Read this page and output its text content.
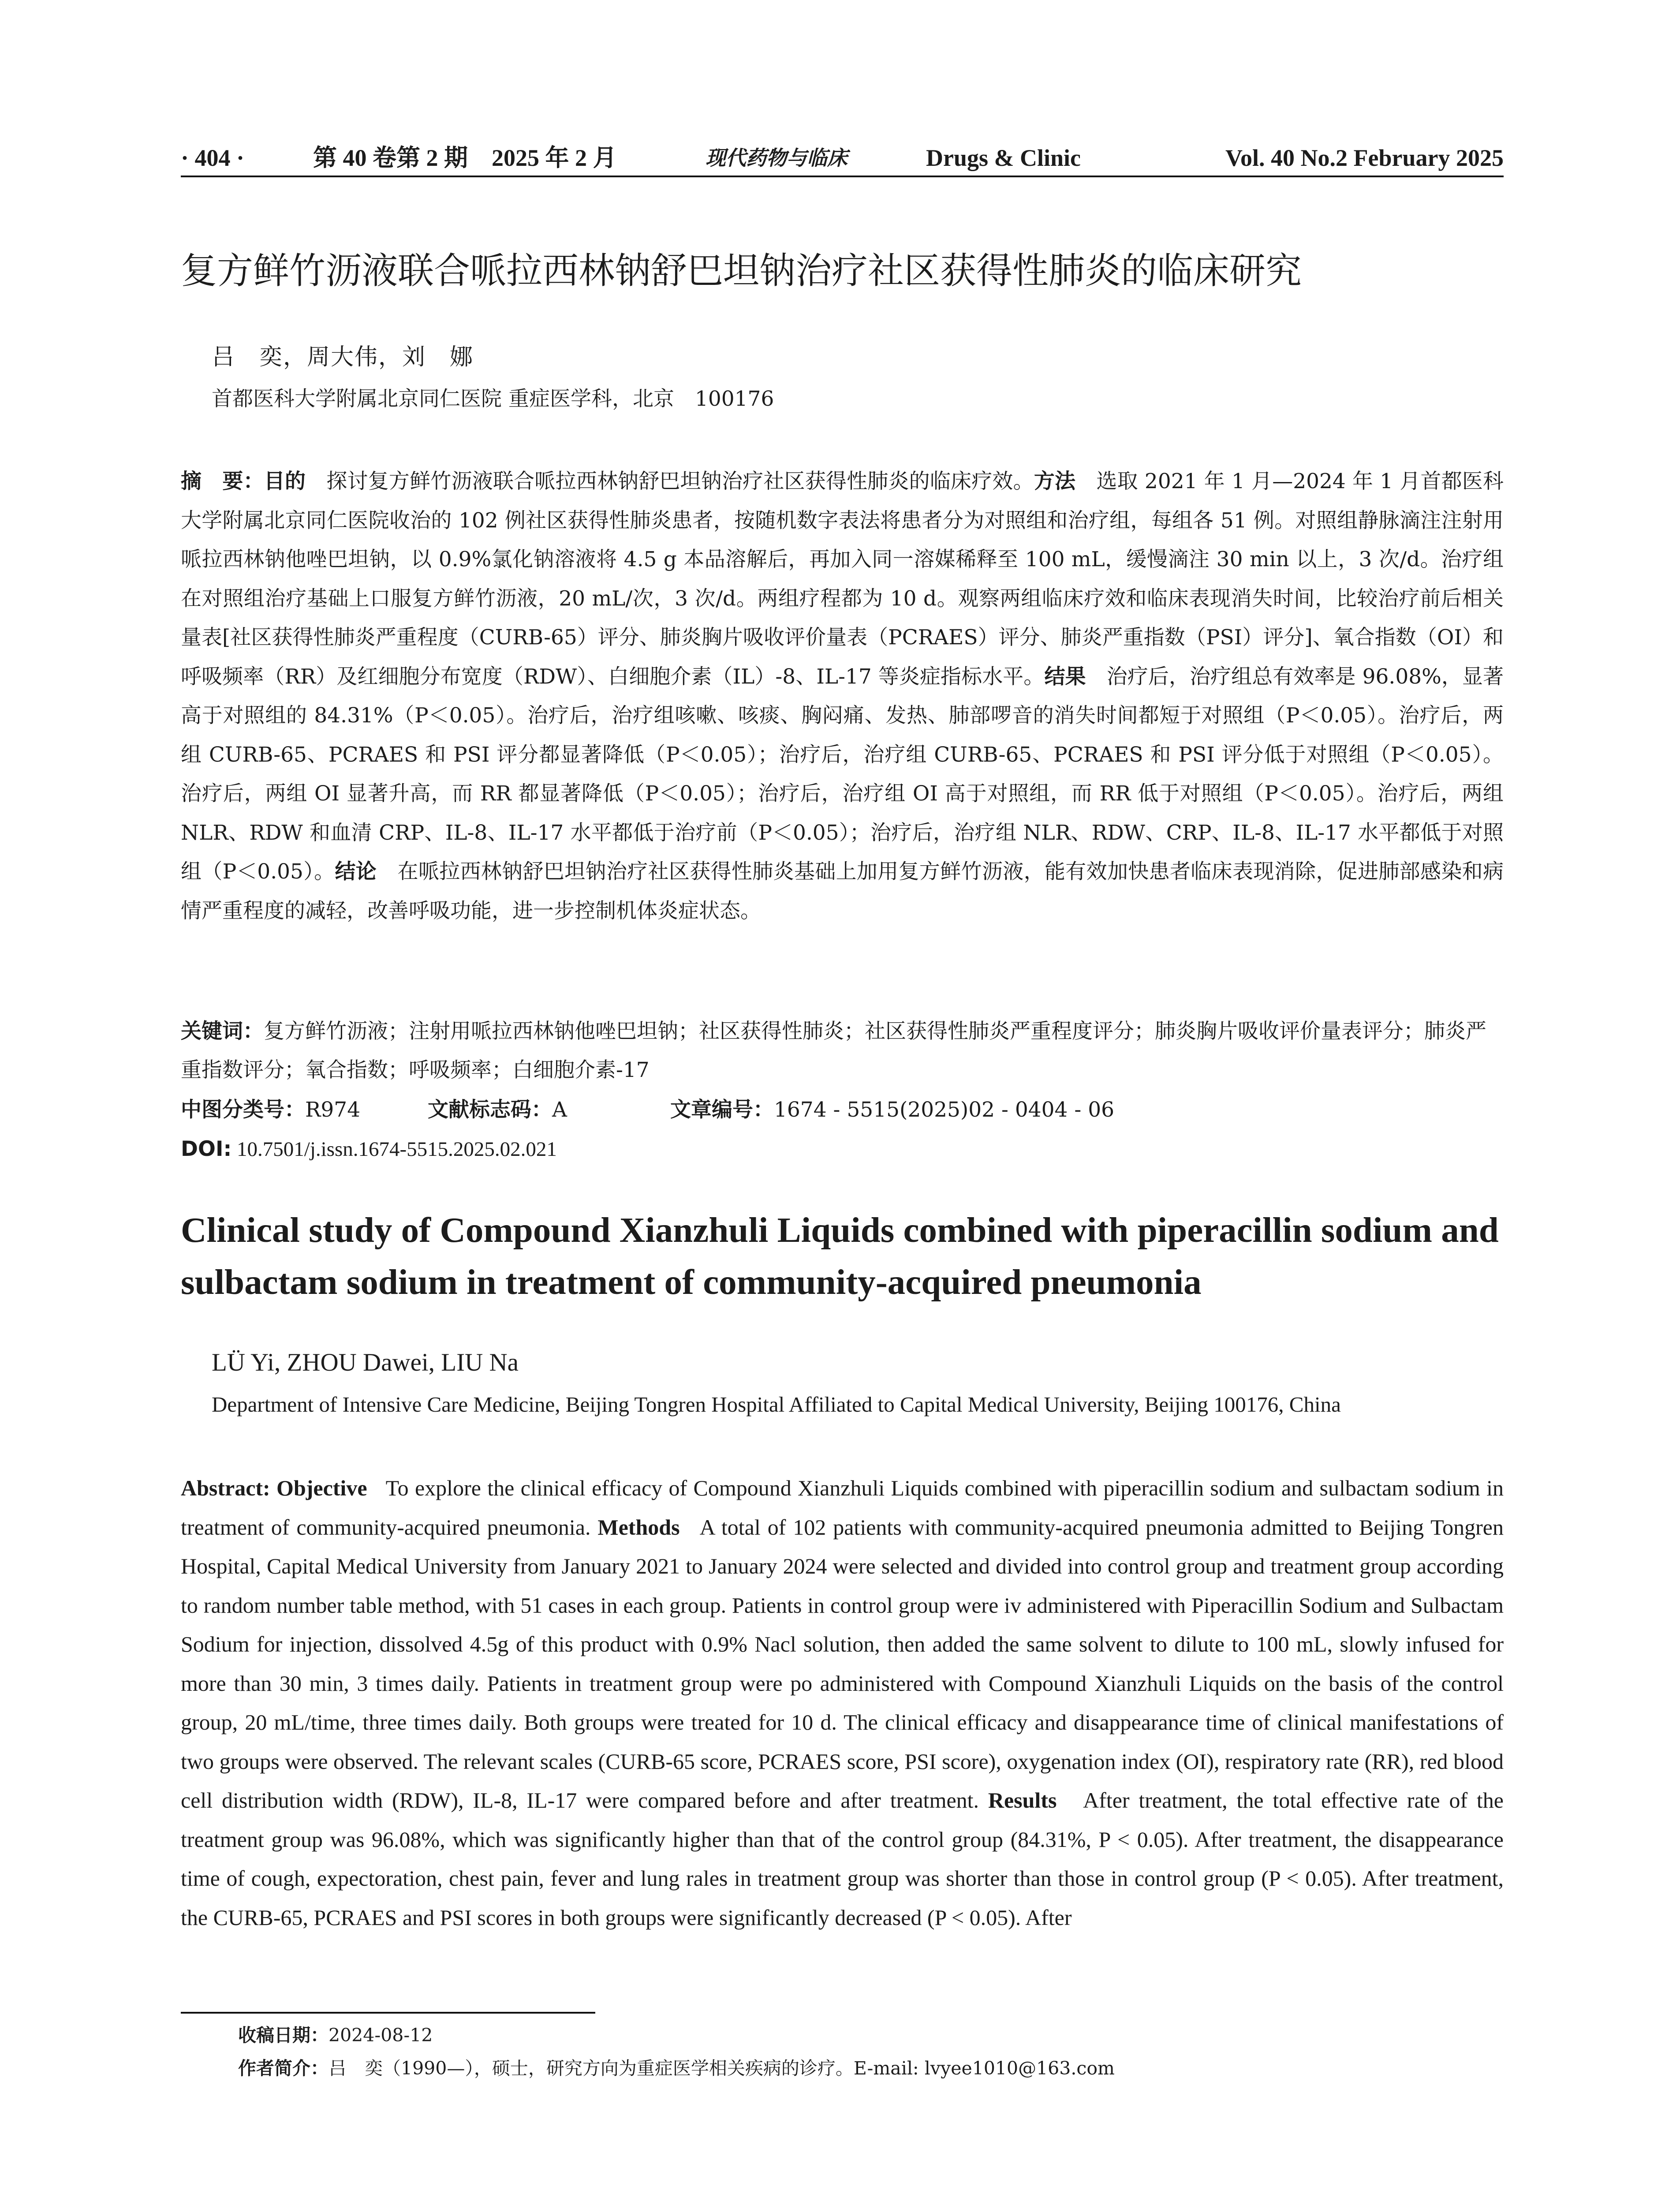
· 404 ·	第 40 卷第 2 期　2025 年 2 月	现代药物与临床	Drugs & Clinic	Vol. 40 No.2 February 2025
复方鲜竹沥液联合哌拉西林钠舒巴坦钠治疗社区获得性肺炎的临床研究
吕　奕，周大伟，刘　娜
首都医科大学附属北京同仁医院 重症医学科，北京　100176
摘　要：目的　 探讨复方鲜竹沥液联合哌拉西林钠舒巴坦钠治疗社区获得性肺炎的临床疗效。方法　 选取 2021 年 1 月—2024 年 1 月首都医科大学附属北京同仁医院收治的 102 例社区获得性肺炎患者，按随机数字表法将患者分为对照组和治疗组，每组各 51 例。对照组静脉滴注注射用哌拉西林钠他唑巴坦钠，以 0.9%氯化钠溶液将 4.5 g 本品溶解后，再加入同一溶媒稀释至 100 mL，缓慢滴注 30 min 以上，3 次/d。治疗组在对照组治疗基础上口服复方鲜竹沥液，20 mL/次，3 次/d。两组疗程都为 10 d。观察两组临床疗效和临床表现消失时间，比较治疗前后相关量表[社区获得性肺炎严重程度（CURB-65）评分、肺炎胸片吸收评价量表（PCRAES）评分、肺炎严重指数（PSI）评分]、氧合指数（OI）和呼吸频率（RR）及红细胞分布宽度（RDW）、白细胞介素（IL）-8、IL-17 等炎症指标水平。结果　 治疗后，治疗组总有效率是 96.08%，显著高于对照组的 84.31%（P＜0.05）。治疗后，治疗组咳嗽、咳痰、胸闷痛、发热、肺部啰音的消失时间都短于对照组（P＜0.05）。治疗后，两组 CURB-65、PCRAES 和 PSI 评分都显著降低（P＜0.05）；治疗后，治疗组 CURB-65、PCRAES 和 PSI 评分低于对照组（P＜0.05）。治疗后，两组 OI 显著升高，而 RR 都显著降低（P＜0.05）；治疗后，治疗组 OI 高于对照组，而 RR 低于对照组（P＜0.05）。治疗后，两组 NLR、RDW 和血清 CRP、IL-8、IL-17 水平都低于治疗前（P＜0.05）；治疗后，治疗组 NLR、RDW、CRP、IL-8、IL-17 水平都低于对照组（P＜0.05）。结论　 在哌拉西林钠舒巴坦钠治疗社区获得性肺炎基础上加用复方鲜竹沥液，能有效加快患者临床表现消除，促进肺部感染和病情严重程度的减轻，改善呼吸功能，进一步控制机体炎症状态。
关键词：复方鲜竹沥液；注射用哌拉西林钠他唑巴坦钠；社区获得性肺炎；社区获得性肺炎严重程度评分；肺炎胸片吸收评价量表评分；肺炎严重指数评分；氧合指数；呼吸频率；白细胞介素-17
中图分类号：R974	文献标志码：A	文章编号：1674 - 5515(2025)02 - 0404 - 06
DOI: 10.7501/j.issn.1674-5515.2025.02.021
Clinical study of Compound Xianzhuli Liquids combined with piperacillin sodium and sulbactam sodium in treatment of community-acquired pneumonia
LÜ Yi, ZHOU Dawei, LIU Na
Department of Intensive Care Medicine, Beijing Tongren Hospital Affiliated to Capital Medical University, Beijing 100176, China
Abstract: Objective To explore the clinical efficacy of Compound Xianzhuli Liquids combined with piperacillin sodium and sulbactam sodium in treatment of community-acquired pneumonia. Methods A total of 102 patients with community-acquired pneumonia admitted to Beijing Tongren Hospital, Capital Medical University from January 2021 to January 2024 were selected and divided into control group and treatment group according to random number table method, with 51 cases in each group. Patients in control group were iv administered with Piperacillin Sodium and Sulbactam Sodium for injection, dissolved 4.5g of this product with 0.9% Nacl solution, then added the same solvent to dilute to 100 mL, slowly infused for more than 30 min, 3 times daily. Patients in treatment group were po administered with Compound Xianzhuli Liquids on the basis of the control group, 20 mL/time, three times daily. Both groups were treated for 10 d. The clinical efficacy and disappearance time of clinical manifestations of two groups were observed. The relevant scales (CURB-65 score, PCRAES score, PSI score), oxygenation index (OI), respiratory rate (RR), red blood cell distribution width (RDW), IL-8, IL-17 were compared before and after treatment. Results After treatment, the total effective rate of the treatment group was 96.08%, which was significantly higher than that of the control group (84.31%, P < 0.05). After treatment, the disappearance time of cough, expectoration, chest pain, fever and lung rales in treatment group was shorter than those in control group (P < 0.05). After treatment, the CURB-65, PCRAES and PSI scores in both groups were significantly decreased (P < 0.05). After
收稿日期：2024-08-12
作者简介：吕　奕（1990—），硕士，研究方向为重症医学相关疾病的诊疗。E-mail: lvyee1010@163.com
